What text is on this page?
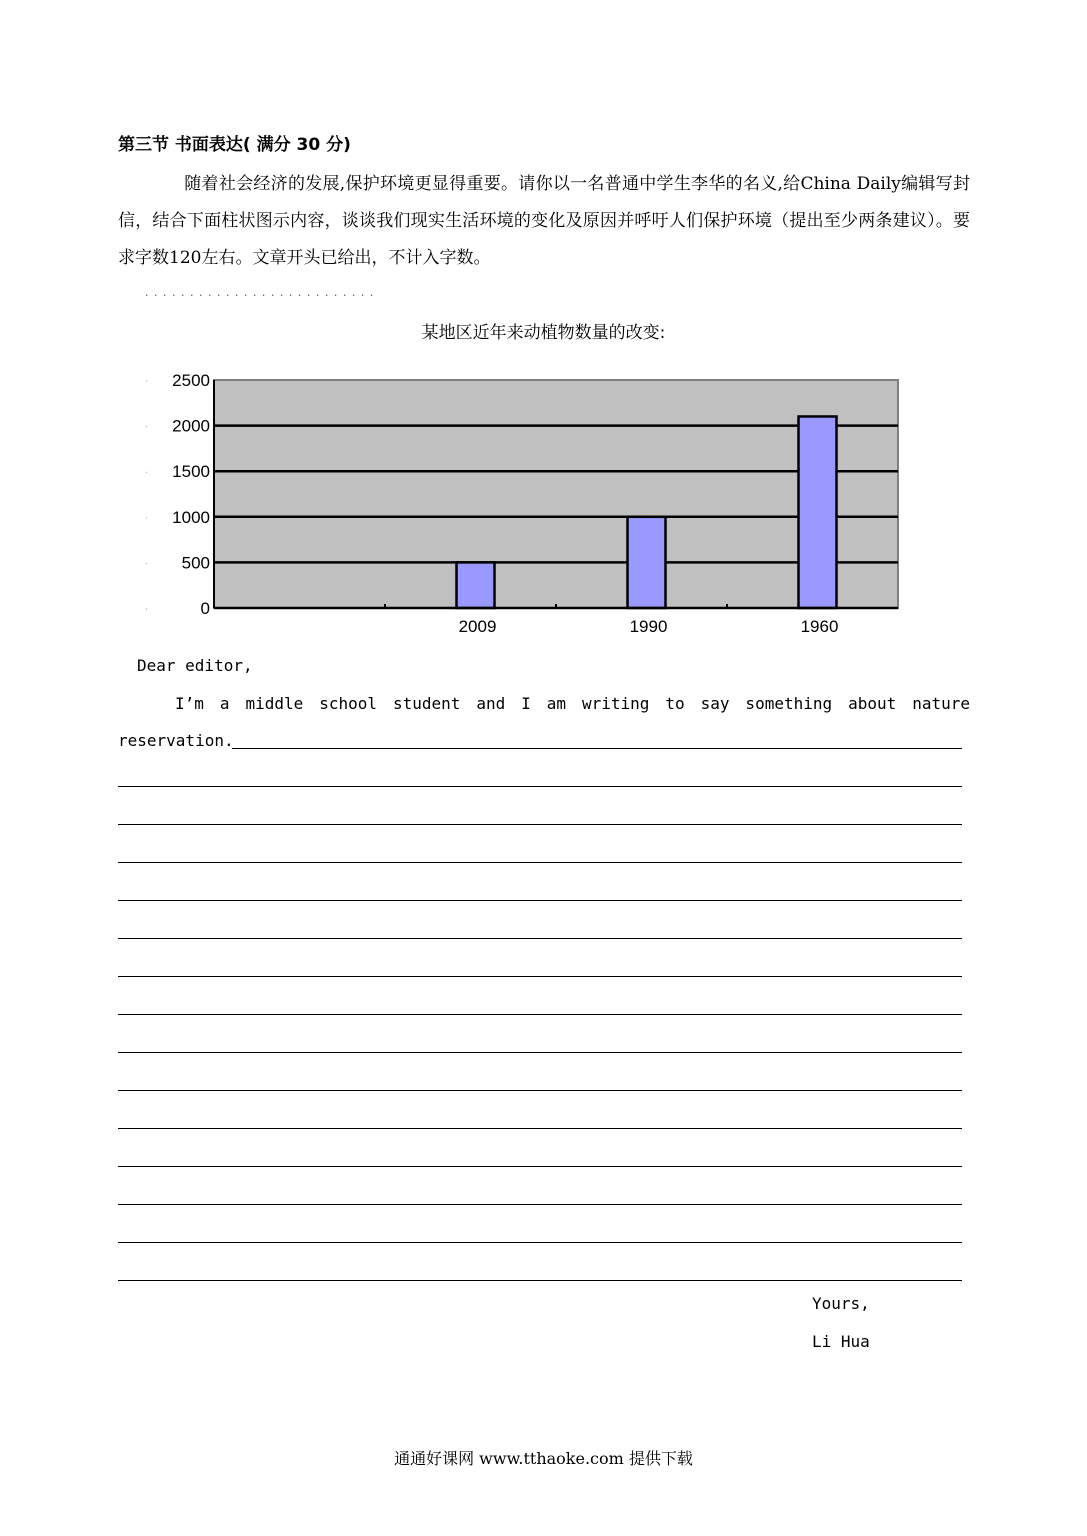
第三节 书面表达( 满分 30 分)
随着社会经济的发展,保护环境更显得重要。请你以一名普通中学生李华的名义,给China Daily编辑写封信，结合下面柱状图示内容，谈谈我们现实生活环境的变化及原因并呼吁人们保护环境（提出至少两条建议）。要求字数120左右。文章开头已给出，不计入字数。
. . . . . . . . . . . . . . . . . . . . . . . . . .
某地区近年来动植物数量的改变:
0
500
1000
1500
2000
2500
2009	1990	1960
Dear editor,
I’m a middle school student and I am writing to say something about nature
reservation.
Yours,
Li Hua
通通好课网 www.tthaoke.com 提供下载
